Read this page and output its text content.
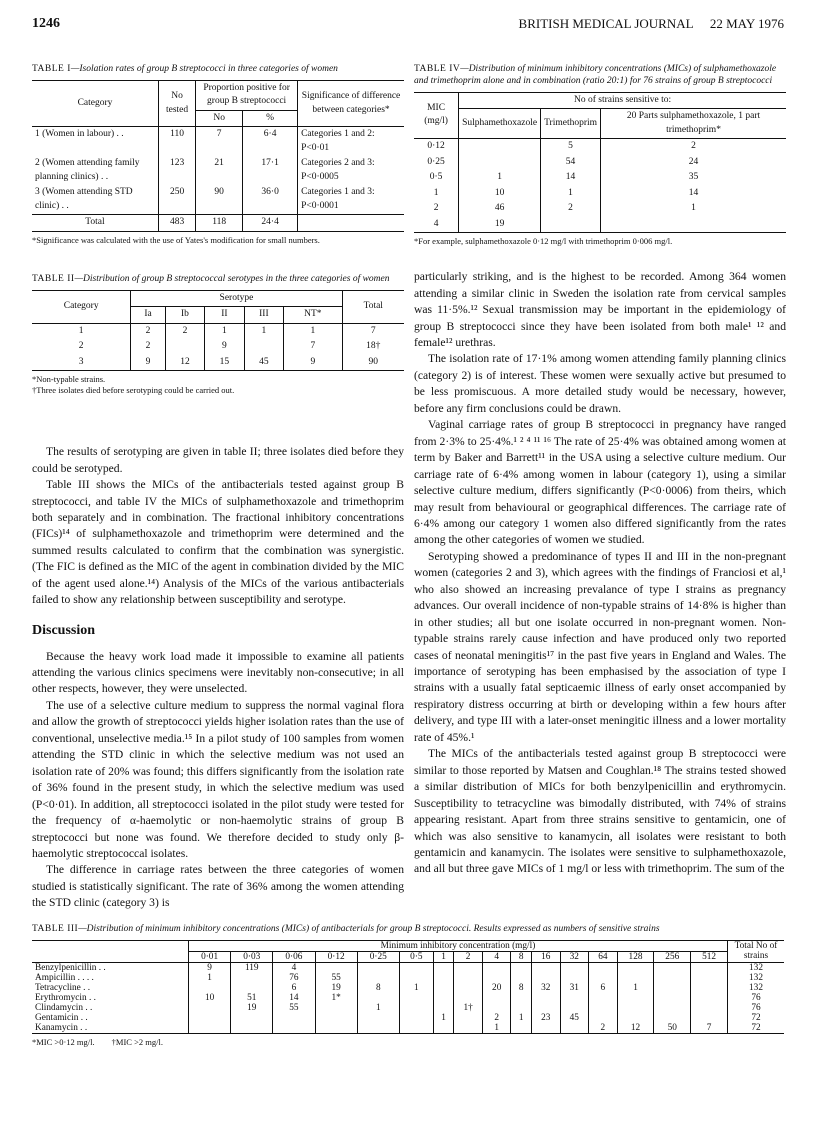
1246	BRITISH MEDICAL JOURNAL 22 MAY 1976

TABLE I—Isolation rates of group B streptococci in three categories of women

Category	No tested	Proportion positive for group B streptococci		Significance of difference between categories*
		No	%	
1 (Women in labour) . .	110	7	6·4	Categories 1 and 2:
P<0·01
2 (Women attending family planning clinics) . .	123	21	17·1	Categories 2 and 3:
P<0·0005
3 (Women attending STD clinic) . .	250	90	36·0	Categories 1 and 3:
P<0·0001
Total	483	118	24·4	

*Significance was calculated with the use of Yates's modification for small numbers.

TABLE II—Distribution of group B streptococcal serotypes in the three categories of women

Category	Serotype					Total
	Ia	Ib	II	III	NT*	
1	2	2	1	1	1	7
2	2		9		7	18†
3	9	12	15	45	9	90

*Non-typable strains.

†Three isolates died before serotyping could be carried out.

The results of serotyping are given in table II; three isolates died before they could be serotyped.

Table III shows the MICs of the antibacterials tested against group B streptococci, and table IV the MICs of sulphamethoxazole and trimethoprim both separately and in combination. The fractional inhibitory concentrations (FICs)¹⁴ of sulphamethoxazole and trimethoprim were determined and the summed results calculated to confirm that the combination was synergistic. (The FIC is defined as the MIC of the agent in combination divided by the MIC of the agent used alone.¹⁴) Analysis of the MICs of the various antibacterials failed to show any relationship between susceptibility and serotype.

Discussion

Because the heavy work load made it impossible to examine all patients attending the various clinics specimens were inevitably non-consecutive; in all other respects, however, they were unselected.

The use of a selective culture medium to suppress the normal vaginal flora and allow the growth of streptococci yields higher isolation rates than the use of conventional, unselective media.¹⁵ In a pilot study of 100 samples from women attending the STD clinic in which the selective medium was not used an isolation rate of 20% was found; this differs significantly from the isolation rate of 36% found in the present study, in which the selective medium was used (P<0·01). In addition, all streptococci isolated in the pilot study were tested for the frequency of α-haemolytic or non-haemolytic strains of group B streptococci but none was found. We therefore decided to study only β-haemolytic streptococcal isolates.

The difference in carriage rates between the three categories of women studied is statistically significant. The rate of 36% among the women attending the STD clinic (category 3) is

TABLE IV—Distribution of minimum inhibitory concentrations (MICs) of sulphamethoxazole and trimethoprim alone and in combination (ratio 20:1) for 76 strains of group B streptococci

MIC (mg/l)	No of strains sensitive to:		
	Sulphamethoxazole	Trimethoprim	20 Parts sulphamethoxazole, 1 part trimethoprim*
0·12		5	2
0·25		54	24
0·5	1	14	35
1	10	1	14
2	46	2	1
4	19		

*For example, sulphamethoxazole 0·12 mg/l with trimethoprim 0·006 mg/l.

particularly striking, and is the highest to be recorded. Among 364 women attending a similar clinic in Sweden the isolation rate from cervical samples was 11·5%.¹² Sexual transmission may be important in the epidemiology of group B streptococci since they have been isolated from both male¹ ¹² and female¹² urethras.

The isolation rate of 17·1% among women attending family planning clinics (category 2) is of interest. These women were sexually active but presumed to be less promiscuous. A more detailed study would be necessary, however, before any firm conclusions could be drawn.

Vaginal carriage rates of group B streptococci in pregnancy have ranged from 2·3% to 25·4%.¹ ² ⁴ ¹¹ ¹⁶ The rate of 25·4% was obtained among women at term by Baker and Barrett¹¹ in the USA using a selective culture medium. Our carriage rate of 6·4% among women in labour (category 1), using a similar selective culture medium, differs significantly (P<0·0006) from theirs, which may result from behavioural or geographical differences. The carriage rate of 6·4% among our category 1 women also differed significantly from the rates among the other categories of women we studied.

Serotyping showed a predominance of types II and III in the non-pregnant women (categories 2 and 3), which agrees with the findings of Franciosi et al,¹ who also showed an increasing prevalance of type I strains as pregnancy advances. Our overall incidence of non-typable strains of 14·8% is higher than in other studies; all but one isolate occurred in non-pregnant women. Non-typable strains rarely cause infection and have produced only two reported cases of neonatal meningitis¹⁷ in the past five years in England and Wales. The importance of serotyping has been emphasised by the association of type I strains with a usually fatal septicaemic illness of early onset accompanied by respiratory distress occurring at birth or developing within a few hours after delivery, and type III with a later-onset meningitic illness and a lower mortality rate of 45%.¹

The MICs of the antibacterials tested against group B streptococci were similar to those reported by Matsen and Coughlan.¹⁸ The strains tested showed a similar distribution of MICs for both benzylpenicillin and erythromycin. Susceptibility to tetracycline was bimodally distributed, with 74% of strains appearing resistant. Apart from three strains sensitive to gentamicin, one of which was also sensitive to kanamycin, all isolates were resistant to both gentamicin and kanamycin. The isolates were sensitive to sulphamethoxazole, and all but three gave MICs of 1 mg/l or less with trimethoprim. The sum of the

TABLE III—Distribution of minimum inhibitory concentrations (MICs) of antibacterials for group B streptococci. Results expressed as numbers of sensitive strains

	Minimum inhibitory concentration (mg/l)																Total No of strains
	0·01	0·03	0·06	0·12	0·25	0·5	1	2	4	8	16	32	64	128	256	512	
Benzylpenicillin . .	9	119	4														132
Ampicillin . . . .	1		76	55													132
Tetracycline . .			6	19	8	1			20	8	32	31	6	1			132
Erythromycin . .	10	51	14	1*													76
Clindamycin . .		19	55		1			1†									76
Gentamicin . .							1		2	1	23	45					72
Kanamycin . .									1				2	12	50	7	72

*MIC >0·12 mg/l. †MIC >2 mg/l.
